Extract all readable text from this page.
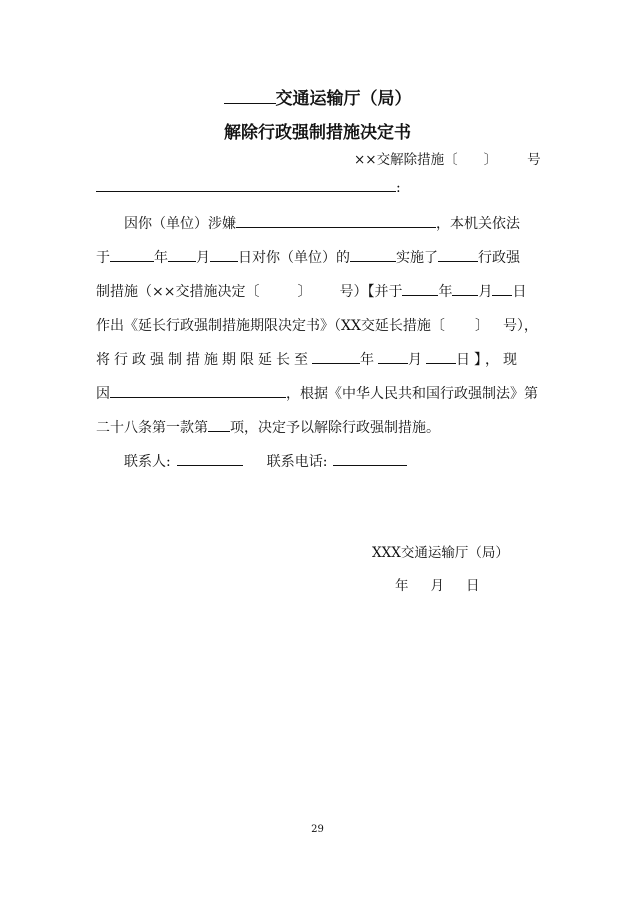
交通运输厅（局）
解除行政强制措施决定书
××交解除措施〔 〕 号
:
因你（单位）涉嫌	，本机关依法
于	年 月 日对你（单位）的	实施了	行政强
制措施（××交措施决定〔	〕 号）【并于	年 月 日
作出《延长行政强制措施期限决定书》（XX交延长措施〔 〕 号），
将行政强制措施期限延长至	年 月 日】，现
因	，根据《中华人民共和国行政强制法》第
二十八条第一款第 项，决定予以解除行政强制措施。
联系人:	联系电话:
XXX交通运输厅（局）
年 月 日
29
